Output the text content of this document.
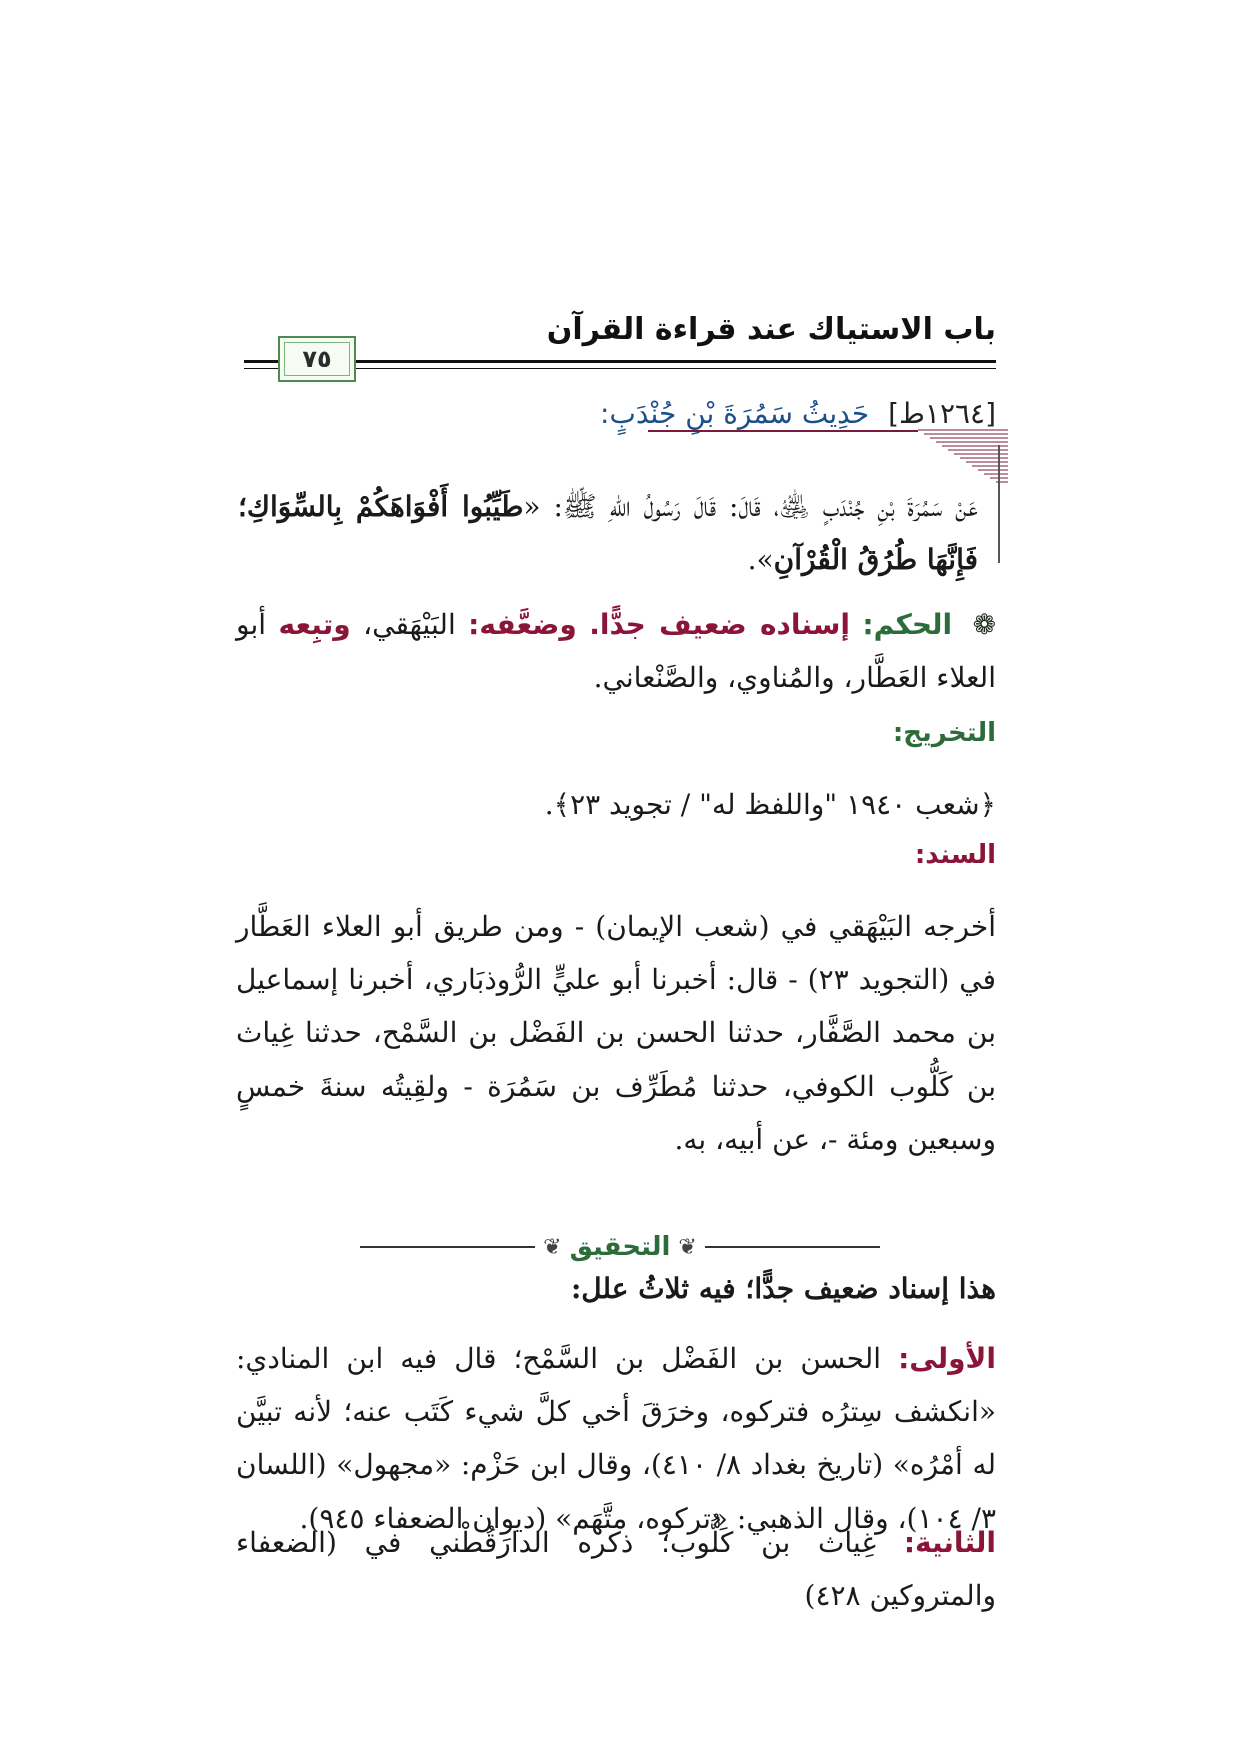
باب الاستياك عند قراءة القرآن
٧٥
[١٢٦٤ط] حَدِيثُ سَمُرَةَ بْنِ جُنْدَبٍ:
عَنْ سَمُرَةَ بْنِ جُنْدَبٍ ﵁، قَالَ: قَالَ رَسُولُ اللهِ ﷺ: «طَيِّبُوا أَفْوَاهَكُمْ بِالسِّوَاكِ؛ فَإِنَّهَا طُرُقُ الْقُرْآنِ».
❁ الحكم: إسناده ضعيف جدًّا. وضعَّفه: البَيْهَقي، وتبِعه أبو العلاء العَطَّار، والمُناوي، والصَّنْعاني.
التخريج:
﴿شعب ١٩٤٠ "واللفظ له" / تجويد ٢٣﴾.
السند:
أخرجه البَيْهَقي في (شعب الإيمان) - ومن طريق أبو العلاء العَطَّار في (التجويد ٢٣) - قال: أخبرنا أبو عليٍّ الرُّوذبَاري، أخبرنا إسماعيل بن محمد الصَّفَّار، حدثنا الحسن بن الفَضْل بن السَّمْح، حدثنا غِياث بن كَلُّوب الكوفي، حدثنا مُطَرِّف بن سَمُرَة - ولقِيتُه سنةَ خمسٍ وسبعين ومئة -، عن أبيه، به.
❦
التحقيق
❦
هذا إسناد ضعيف جدًّا؛ فيه ثلاثُ علل:
الأولى: الحسن بن الفَضْل بن السَّمْح؛ قال فيه ابن المنادي: «انكشف سِترُه فتركوه، وخرَقَ أخي كلَّ شيء كَتَب عنه؛ لأنه تبيَّن له أمْرُه» (تاريخ بغداد ٨/ ٤١٠)، وقال ابن حَزْم: «مجهول» (اللسان ٣/ ١٠٤)، وقال الذهبي: «تركوه، متَّهَم» (ديوان الضعفاء ٩٤٥).
الثانية: غِياث بن كَلُّوب؛ ذكره الدارَقُطْني في (الضعفاء والمتروكين ٤٢٨)
